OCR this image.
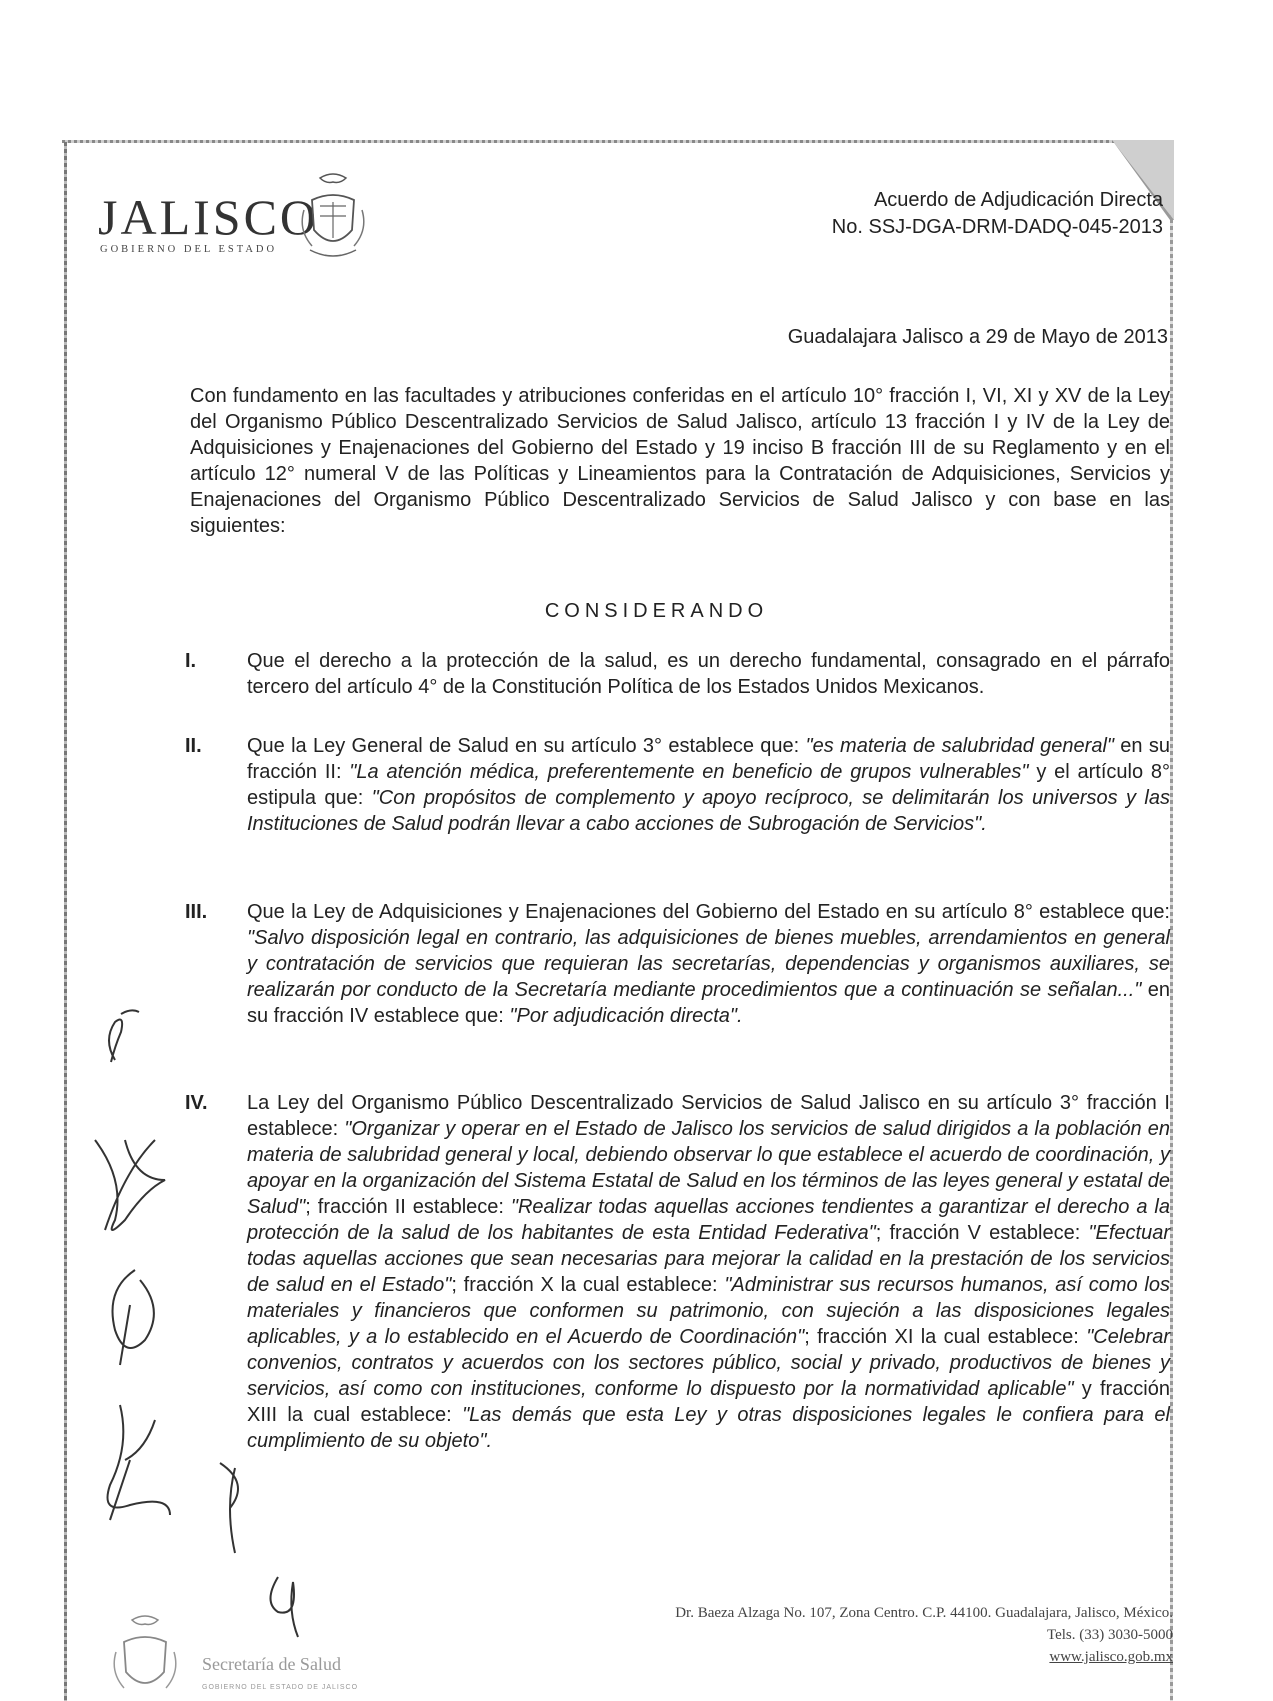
JALISCO
GOBIERNO DEL ESTADO
Acuerdo de Adjudicación Directa
No. SSJ-DGA-DRM-DADQ-045-2013
Guadalajara Jalisco a 29 de Mayo de 2013
Con fundamento en las facultades y atribuciones conferidas en el artículo 10° fracción I, VI, XI y XV de la Ley del Organismo Público Descentralizado Servicios de Salud Jalisco, artículo 13 fracción I y IV de la Ley de Adquisiciones y Enajenaciones del Gobierno del Estado y 19 inciso B fracción III de su Reglamento y en el artículo 12° numeral V de las Políticas y Lineamientos para la Contratación de Adquisiciones, Servicios y Enajenaciones del Organismo Público Descentralizado Servicios de Salud Jalisco y con base en las siguientes:
CONSIDERANDO
I.	Que el derecho a la protección de la salud, es un derecho fundamental, consagrado en el párrafo tercero del artículo 4° de la Constitución Política de los Estados Unidos Mexicanos.
II. Que la Ley General de Salud en su artículo 3° establece que: "es materia de salubridad general" en su fracción II: "La atención médica, preferentemente en beneficio de grupos vulnerables" y el artículo 8° estipula que: "Con propósitos de complemento y apoyo recíproco, se delimitarán los universos y las Instituciones de Salud podrán llevar a cabo acciones de Subrogación de Servicios".
III. Que la Ley de Adquisiciones y Enajenaciones del Gobierno del Estado en su artículo 8° establece que: "Salvo disposición legal en contrario, las adquisiciones de bienes muebles, arrendamientos en general y contratación de servicios que requieran las secretarías, dependencias y organismos auxiliares, se realizarán por conducto de la Secretaría mediante procedimientos que a continuación se señalan..." en su fracción IV establece que: "Por adjudicación directa".
IV. La Ley del Organismo Público Descentralizado Servicios de Salud Jalisco en su artículo 3° fracción I establece: "Organizar y operar en el Estado de Jalisco los servicios de salud dirigidos a la población en materia de salubridad general y local, debiendo observar lo que establece el acuerdo de coordinación, y apoyar en la organización del Sistema Estatal de Salud en los términos de las leyes general y estatal de Salud"; fracción II establece: "Realizar todas aquellas acciones tendientes a garantizar el derecho a la protección de la salud de los habitantes de esta Entidad Federativa"; fracción V establece: "Efectuar todas aquellas acciones que sean necesarias para mejorar la calidad en la prestación de los servicios de salud en el Estado"; fracción X la cual establece: "Administrar sus recursos humanos, así como los materiales y financieros que conformen su patrimonio, con sujeción a las disposiciones legales aplicables, y a lo establecido en el Acuerdo de Coordinación"; fracción XI la cual establece: "Celebrar convenios, contratos y acuerdos con los sectores público, social y privado, productivos de bienes y servicios, así como con instituciones, conforme lo dispuesto por la normatividad aplicable" y fracción XIII la cual establece: "Las demás que esta Ley y otras disposiciones legales le confiera para el cumplimiento de su objeto".
Secretaría de Salud
GOBIERNO DEL ESTADO DE JALISCO
Dr. Baeza Alzaga No. 107, Zona Centro. C.P. 44100. Guadalajara, Jalisco, México.
Tels. (33) 3030-5000
www.jalisco.gob.mx
